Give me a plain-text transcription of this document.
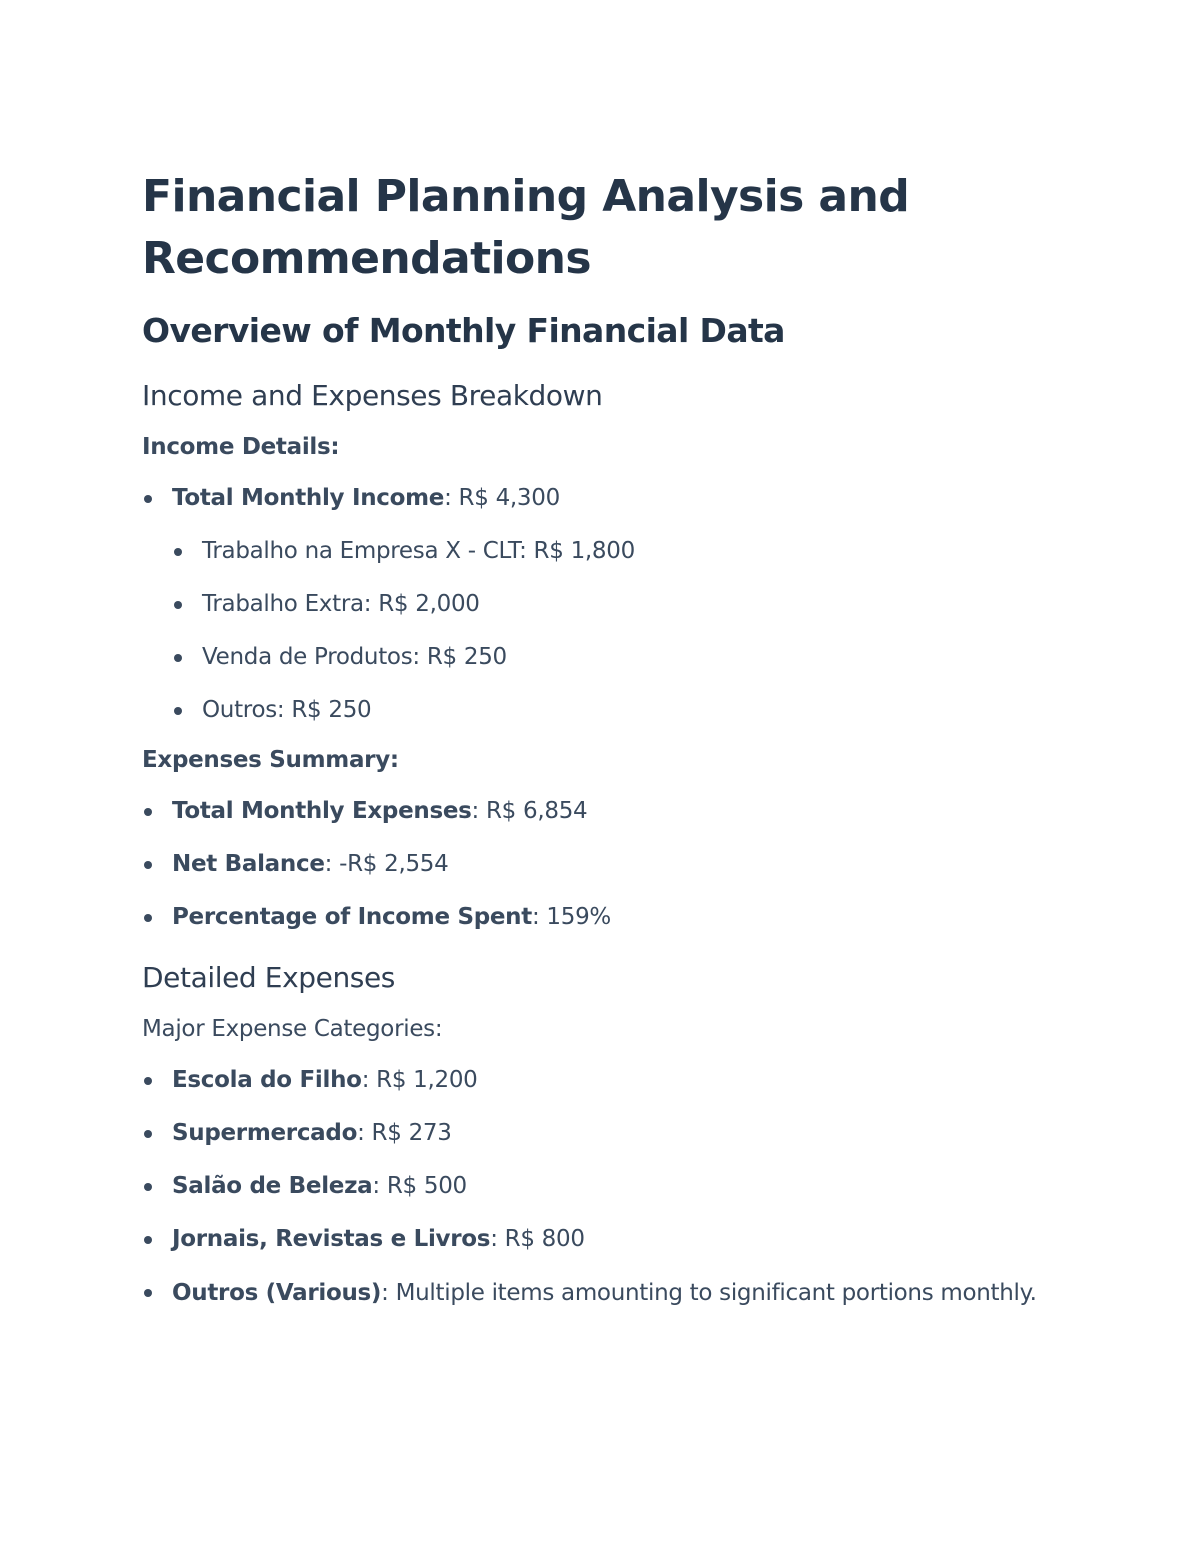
Financial Planning Analysis and Recommendations
Overview of Monthly Financial Data
Income and Expenses Breakdown
Income Details:
Total Monthly Income: R$ 4,300
Trabalho na Empresa X - CLT: R$ 1,800
Trabalho Extra: R$ 2,000
Venda de Produtos: R$ 250
Outros: R$ 250
Expenses Summary:
Total Monthly Expenses: R$ 6,854
Net Balance: -R$ 2,554
Percentage of Income Spent: 159%
Detailed Expenses
Major Expense Categories:
Escola do Filho: R$ 1,200
Supermercado: R$ 273
Salão de Beleza: R$ 500
Jornais, Revistas e Livros: R$ 800
Outros (Various): Multiple items amounting to significant portions monthly.
